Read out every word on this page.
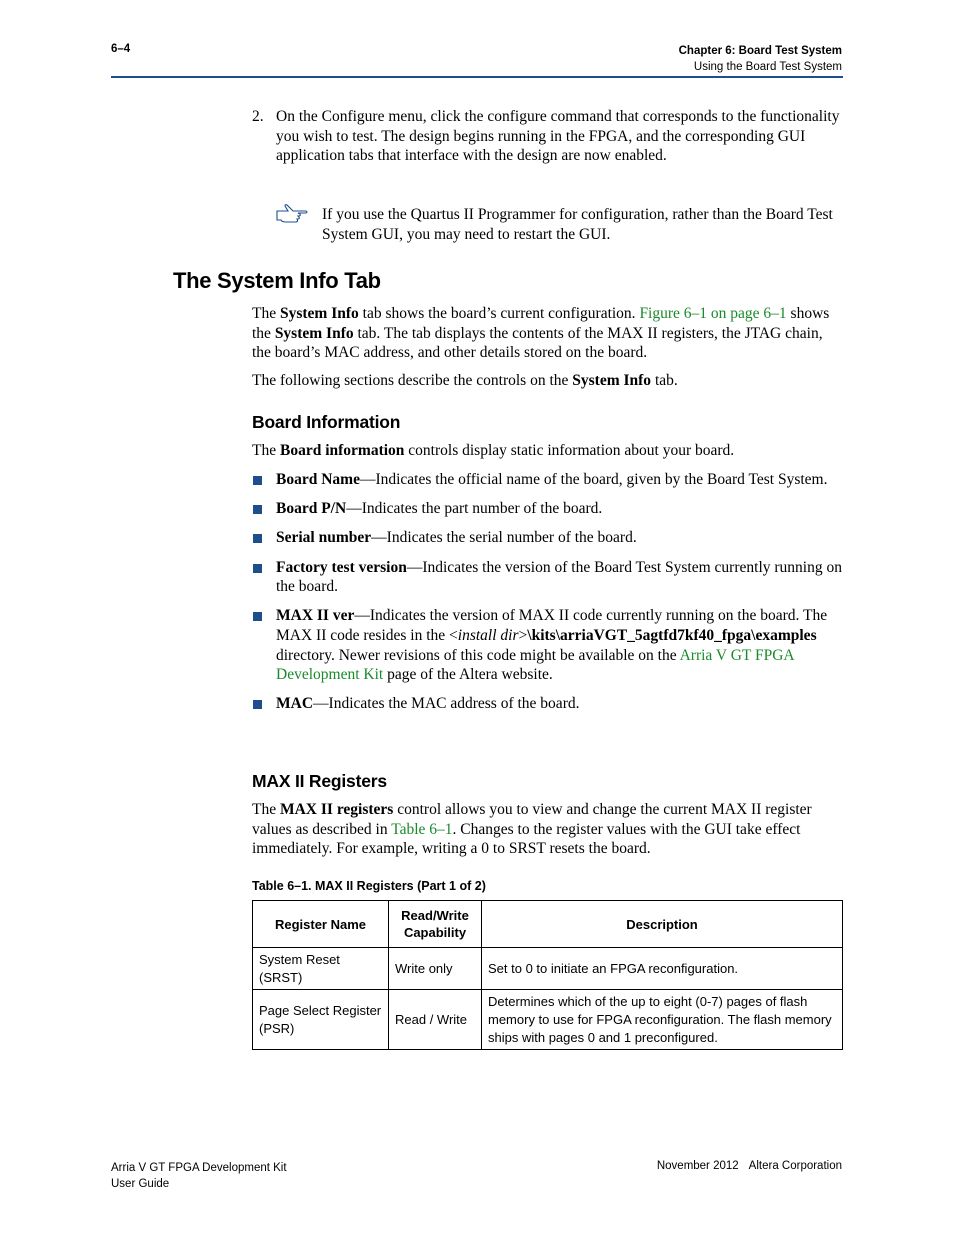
6–4	Chapter 6: Board Test System
Using the Board Test System
2. On the Configure menu, click the configure command that corresponds to the functionality you wish to test. The design begins running in the FPGA, and the corresponding GUI application tabs that interface with the design are now enabled.
If you use the Quartus II Programmer for configuration, rather than the Board Test System GUI, you may need to restart the GUI.
The System Info Tab

The System Info tab shows the board’s current configuration. Figure 6–1 on page 6–1 shows the System Info tab. The tab displays the contents of the MAX II registers, the JTAG chain, the board’s MAC address, and other details stored on the board.

The following sections describe the controls on the System Info tab.

Board Information

The Board information controls display static information about your board.

Board Name—Indicates the official name of the board, given by the Board Test System.
Board P/N—Indicates the part number of the board.
Serial number—Indicates the serial number of the board.
Factory test version—Indicates the version of the Board Test System currently running on the board.
MAX II ver—Indicates the version of MAX II code currently running on the board. The MAX II code resides in the <install dir>\kits\arriaVGT_5agtfd7kf40_fpga\examples directory. Newer revisions of this code might be available on the Arria V GT FPGA Development Kit page of the Altera website.
MAC—Indicates the MAC address of the board.
MAX II Registers

The MAX II registers control allows you to view and change the current MAX II register values as described in Table 6–1. Changes to the register values with the GUI take effect immediately. For example, writing a 0 to SRST resets the board.

Table 6–1. MAX II Registers (Part 1 of 2)
Register Name	Read/Write Capability	Description
System Reset (SRST)	Write only	Set to 0 to initiate an FPGA reconfiguration.
Page Select Register (PSR)	Read / Write	Determines which of the up to eight (0-7) pages of flash memory to use for FPGA reconfiguration. The flash memory ships with pages 0 and 1 preconfigured.
Arria V GT FPGA Development Kit
User Guide
November 2012 Altera Corporation
